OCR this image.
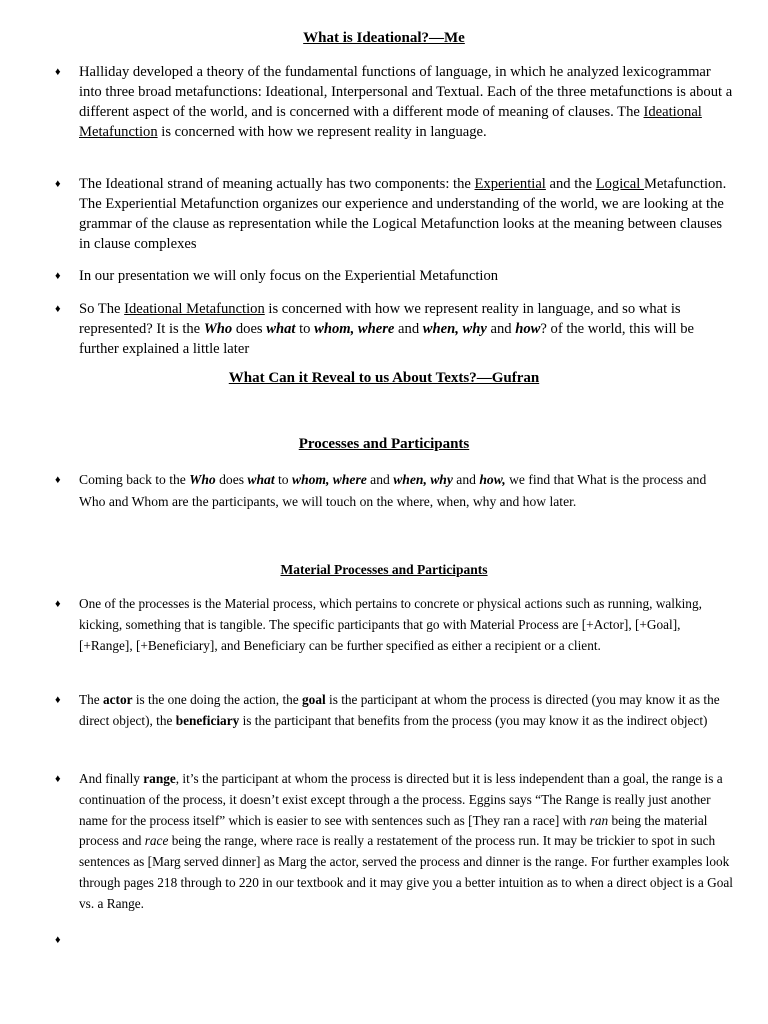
What is Ideational?—Me
♦ Halliday developed a theory of the fundamental functions of language, in which he analyzed lexicogrammar into three broad metafunctions: Ideational, Interpersonal and Textual. Each of the three metafunctions is about a different aspect of the world, and is concerned with a different mode of meaning of clauses. The Ideational Metafunction is concerned with how we represent reality in language.
♦ The Ideational strand of meaning actually has two components: the Experiential and the Logical Metafunction. The Experiential Metafunction organizes our experience and understanding of the world, we are looking at the grammar of the clause as representation while the Logical Metafunction looks at the meaning between clauses in clause complexes
♦ In our presentation we will only focus on the Experiential Metafunction
♦ So The Ideational Metafunction is concerned with how we represent reality in language, and so what is represented? It is the Who does what to whom, where and when, why and how? of the world, this will be further explained a little later
What Can it Reveal to us About Texts?—Gufran
Processes and Participants
♦ Coming back to the Who does what to whom, where and when, why and how, we find that What is the process and Who and Whom are the participants, we will touch on the where, when, why and how later.
Material Processes and Participants
♦ One of the processes is the Material process, which pertains to concrete or physical actions such as running, walking, kicking, something that is tangible. The specific participants that go with Material Process are [+Actor], [+Goal], [+Range], [+Beneficiary], and Beneficiary can be further specified as either a recipient or a client.
♦ The actor is the one doing the action, the goal is the participant at whom the process is directed (you may know it as the direct object), the beneficiary is the participant that benefits from the process (you may know it as the indirect object)
♦ And finally range, it’s the participant at whom the process is directed but it is less independent than a goal, the range is a continuation of the process, it doesn’t exist except through a the process. Eggins says “The Range is really just another name for the process itself” which is easier to see with sentences such as [They ran a race] with ran being the material process and race being the range, where race is really a restatement of the process run. It may be trickier to spot in such sentences as [Marg served dinner] as Marg the actor, served the process and dinner is the range. For further examples look through pages 218 through to 220 in our textbook and it may give you a better intuition as to when a direct object is a Goal vs. a Range.
♦
